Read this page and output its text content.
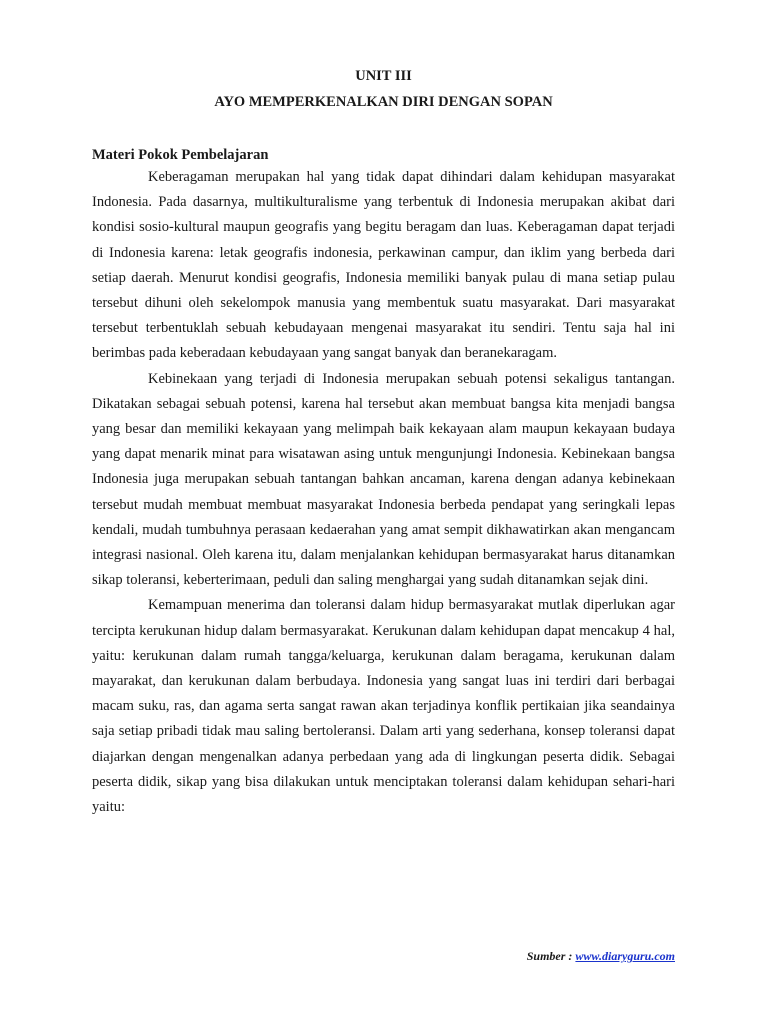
UNIT III
AYO MEMPERKENALKAN DIRI DENGAN SOPAN
Materi Pokok Pembelajaran

Keberagaman merupakan hal yang tidak dapat dihindari dalam kehidupan masyarakat Indonesia. Pada dasarnya, multikulturalisme yang terbentuk di Indonesia merupakan akibat dari kondisi sosio-kultural maupun geografis yang begitu beragam dan luas. Keberagaman dapat terjadi di Indonesia karena: letak geografis indonesia, perkawinan campur, dan iklim yang berbeda dari setiap daerah. Menurut kondisi geografis, Indonesia memiliki banyak pulau di mana setiap pulau tersebut dihuni oleh sekelompok manusia yang membentuk suatu masyarakat. Dari masyarakat tersebut terbentuklah sebuah kebudayaan mengenai masyarakat itu sendiri. Tentu saja hal ini berimbas pada keberadaan kebudayaan yang sangat banyak dan beranekaragam.

Kebinekaan yang terjadi di Indonesia merupakan sebuah potensi sekaligus tantangan. Dikatakan sebagai sebuah potensi, karena hal tersebut akan membuat bangsa kita menjadi bangsa yang besar dan memiliki kekayaan yang melimpah baik kekayaan alam maupun kekayaan budaya yang dapat menarik minat para wisatawan asing untuk mengunjungi Indonesia. Kebinekaan bangsa Indonesia juga merupakan sebuah tantangan bahkan ancaman, karena dengan adanya kebinekaan tersebut mudah membuat membuat masyarakat Indonesia berbeda pendapat yang seringkali lepas kendali, mudah tumbuhnya perasaan kedaerahan yang amat sempit dikhawatirkan akan mengancam integrasi nasional. Oleh karena itu, dalam menjalankan kehidupan bermasyarakat harus ditanamkan sikap toleransi, keberterimaan, peduli dan saling menghargai yang sudah ditanamkan sejak dini.

Kemampuan menerima dan toleransi dalam hidup bermasyarakat mutlak diperlukan agar tercipta kerukunan hidup dalam bermasyarakat. Kerukunan dalam kehidupan dapat mencakup 4 hal, yaitu: kerukunan dalam rumah tangga/keluarga, kerukunan dalam beragama, kerukunan dalam mayarakat, dan kerukunan dalam berbudaya. Indonesia yang sangat luas ini terdiri dari berbagai macam suku, ras, dan agama serta sangat rawan akan terjadinya konflik pertikaian jika seandainya saja setiap pribadi tidak mau saling bertoleransi. Dalam arti yang sederhana, konsep toleransi dapat diajarkan dengan mengenalkan adanya perbedaan yang ada di lingkungan peserta didik. Sebagai peserta didik, sikap yang bisa dilakukan untuk menciptakan toleransi dalam kehidupan sehari-hari yaitu:

Sumber : www.diaryguru.com
